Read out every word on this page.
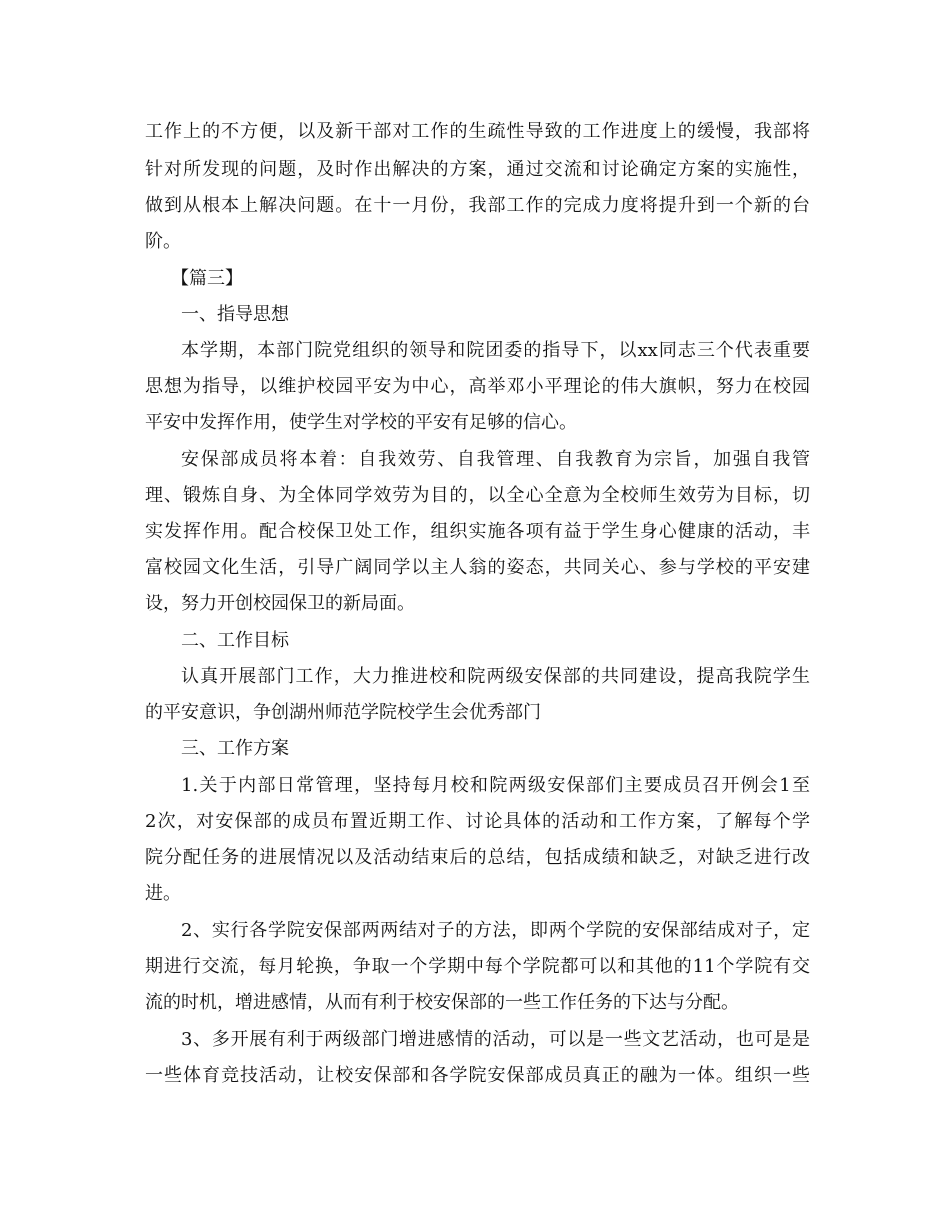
工作上的不方便，以及新干部对工作的生疏性导致的工作进度上的缓慢，我部将
针对所发现的问题，及时作出解决的方案，通过交流和讨论确定方案的实施性，
做到从根本上解决问题。在十一月份，我部工作的完成力度将提升到一个新的台
阶。
【篇三】
一、指导思想
本学期，本部门院党组织的领导和院团委的指导下，以xx同志三个代表重要
思想为指导，以维护校园平安为中心，高举邓小平理论的伟大旗帜，努力在校园
平安中发挥作用，使学生对学校的平安有足够的信心。
安保部成员将本着：自我效劳、自我管理、自我教育为宗旨，加强自我管
理、锻炼自身、为全体同学效劳为目的，以全心全意为全校师生效劳为目标，切
实发挥作用。配合校保卫处工作，组织实施各项有益于学生身心健康的活动，丰
富校园文化生活，引导广阔同学以主人翁的姿态，共同关心、参与学校的平安建
设，努力开创校园保卫的新局面。
二、工作目标
认真开展部门工作，大力推进校和院两级安保部的共同建设，提高我院学生
的平安意识，争创湖州师范学院校学生会优秀部门
三、工作方案
1.关于内部日常管理，坚持每月校和院两级安保部们主要成员召开例会1至
2次，对安保部的成员布置近期工作、讨论具体的活动和工作方案，了解每个学
院分配任务的进展情况以及活动结束后的总结，包括成绩和缺乏，对缺乏进行改
进。
2、实行各学院安保部两两结对子的方法，即两个学院的安保部结成对子，定
期进行交流，每月轮换，争取一个学期中每个学院都可以和其他的11个学院有交
流的时机，增进感情，从而有利于校安保部的一些工作任务的下达与分配。
3、多开展有利于两级部门增进感情的活动，可以是一些文艺活动，也可是是
一些体育竞技活动，让校安保部和各学院安保部成员真正的融为一体。组织一些
